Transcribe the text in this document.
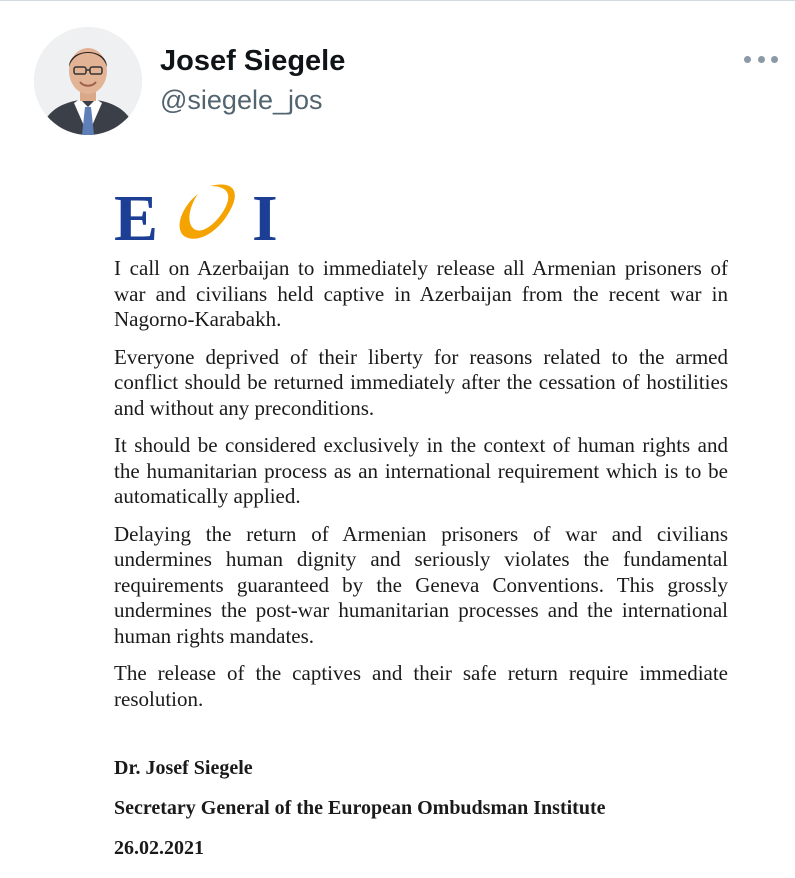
Josef Siegele
@siegele_jos
E I

I call on Azerbaijan to immediately release all Armenian prisoners of war and civilians held captive in Azerbaijan from the recent war in Nagorno-Karabakh.

Everyone deprived of their liberty for reasons related to the armed conflict should be returned immediately after the cessation of hostilities and without any preconditions.

It should be considered exclusively in the context of human rights and the humanitarian process as an international requirement which is to be automatically applied.

Delaying the return of Armenian prisoners of war and civilians undermines human dignity and seriously violates the fundamental requirements guaranteed by the Geneva Conventions. This grossly undermines the post-war humanitarian processes and the international human rights mandates.

The release of the captives and their safe return require immediate resolution.

Dr. Josef Siegele
Secretary General of the European Ombudsman Institute
26.02.2021
